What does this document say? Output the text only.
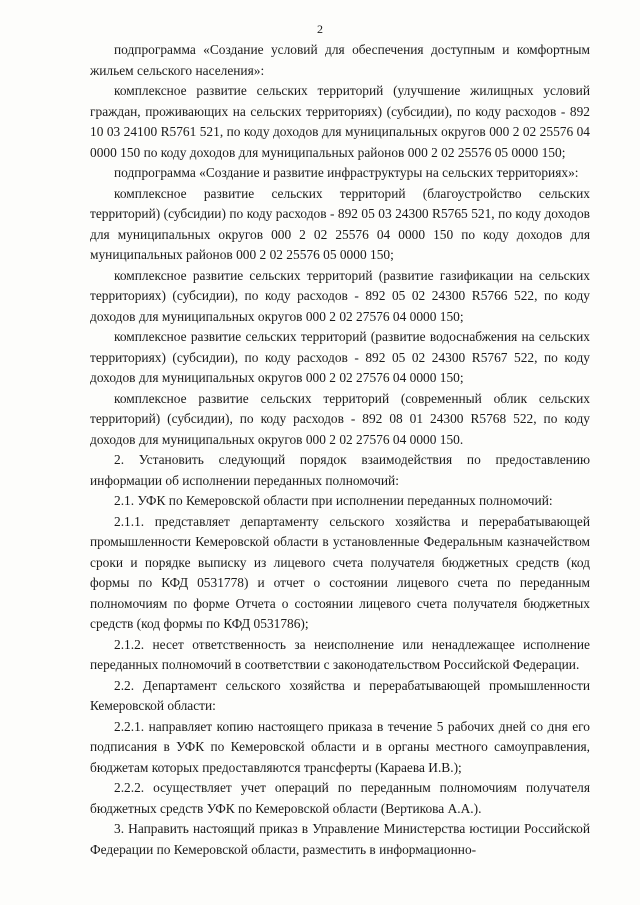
2

подпрограмма «Создание условий для обеспечения доступным и комфортным жильем сельского населения»:

комплексное развитие сельских территорий (улучшение жилищных условий граждан, проживающих на сельских территориях) (субсидии), по коду расходов - 892 10 03 24100 R5761 521, по коду доходов для муниципальных округов 000 2 02 25576 04 0000 150 по коду доходов для муниципальных районов 000 2 02 25576 05 0000 150;

подпрограмма «Создание и развитие инфраструктуры на сельских территориях»:

комплексное развитие сельских территорий (благоустройство сельских территорий) (субсидии) по коду расходов - 892 05 03 24300 R5765 521, по коду доходов для муниципальных округов 000 2 02 25576 04 0000 150 по коду доходов для муниципальных районов 000 2 02 25576 05 0000 150;

комплексное развитие сельских территорий (развитие газификации на сельских территориях) (субсидии), по коду расходов - 892 05 02 24300 R5766 522, по коду доходов для муниципальных округов 000 2 02 27576 04 0000 150;

комплексное развитие сельских территорий (развитие водоснабжения на сельских территориях) (субсидии), по коду расходов - 892 05 02 24300 R5767 522, по коду доходов для муниципальных округов 000 2 02 27576 04 0000 150;

комплексное развитие сельских территорий (современный облик сельских территорий) (субсидии), по коду расходов - 892 08 01 24300 R5768 522, по коду доходов для муниципальных округов 000 2 02 27576 04 0000 150.

2. Установить следующий порядок взаимодействия по предоставлению информации об исполнении переданных полномочий:

2.1. УФК по Кемеровской области при исполнении переданных полномочий:

2.1.1. представляет департаменту сельского хозяйства и перерабатывающей промышленности Кемеровской области в установленные Федеральным казначейством сроки и порядке выписку из лицевого счета получателя бюджетных средств (код формы по КФД 0531778) и отчет о состоянии лицевого счета по переданным полномочиям по форме Отчета о состоянии лицевого счета получателя бюджетных средств (код формы по КФД 0531786);

2.1.2. несет ответственность за неисполнение или ненадлежащее исполнение переданных полномочий в соответствии с законодательством Российской Федерации.

2.2. Департамент сельского хозяйства и перерабатывающей промышленности Кемеровской области:

2.2.1. направляет копию настоящего приказа в течение 5 рабочих дней со дня его подписания в УФК по Кемеровской области и в органы местного самоуправления, бюджетам которых предоставляются трансферты (Караева И.В.);

2.2.2. осуществляет учет операций по переданным полномочиям получателя бюджетных средств УФК по Кемеровской области (Вертикова А.А.).

3. Направить настоящий приказ в Управление Министерства юстиции Российской Федерации по Кемеровской области, разместить в информационно-
